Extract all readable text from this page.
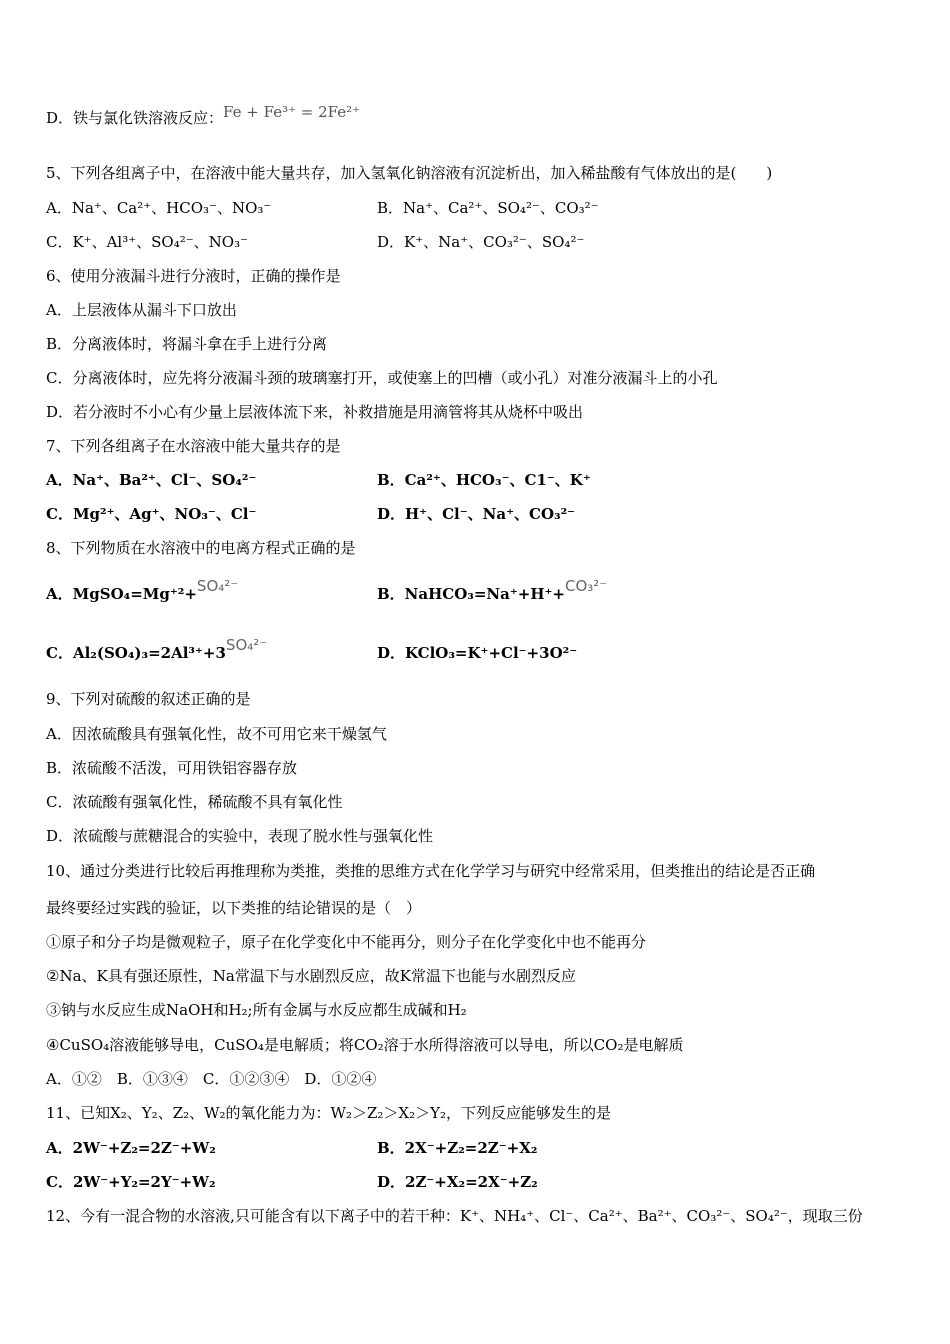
D．铁与氯化铁溶液反应：Fe + Fe³⁺ = 2Fe²⁺
5、下列各组离子中，在溶液中能大量共存，加入氢氧化钠溶液有沉淀析出，加入稀盐酸有气体放出的是(　　)
A．Na⁺、Ca²⁺、HCO₃⁻、NO₃⁻	B．Na⁺、Ca²⁺、SO₄²⁻、CO₃²⁻
C．K⁺、Al³⁺、SO₄²⁻、NO₃⁻	D．K⁺、Na⁺、CO₃²⁻、SO₄²⁻
6、使用分液漏斗进行分液时，正确的操作是
A．上层液体从漏斗下口放出
B．分离液体时，将漏斗拿在手上进行分离
C．分离液体时，应先将分液漏斗颈的玻璃塞打开，或使塞上的凹槽（或小孔）对准分液漏斗上的小孔
D．若分液时不小心有少量上层液体流下来，补救措施是用滴管将其从烧杯中吸出
7、下列各组离子在水溶液中能大量共存的是
A．Na⁺、Ba²⁺、Cl⁻、SO₄²⁻	B．Ca²⁺、HCO₃⁻、C1⁻、K⁺
C．Mg²⁺、Ag⁺、NO₃⁻、Cl⁻	D．H⁺、Cl⁻、Na⁺、CO₃²⁻
8、下列物质在水溶液中的电离方程式正确的是
A．MgSO₄=Mg⁺²+SO₄²⁻	B．NaHCO₃=Na⁺+H⁺+CO₃²⁻
C．Al₂(SO₄)₃=2Al³⁺+3SO₄²⁻	D．KClO₃=K⁺+Cl⁻+3O²⁻
9、下列对硫酸的叙述正确的是
A．因浓硫酸具有强氧化性，故不可用它来干燥氢气
B．浓硫酸不活泼，可用铁铝容器存放
C．浓硫酸有强氧化性，稀硫酸不具有氧化性
D．浓硫酸与蔗糖混合的实验中，表现了脱水性与强氧化性
10、通过分类进行比较后再推理称为类推，类推的思维方式在化学学习与研究中经常采用，但类推出的结论是否正确
最终要经过实践的验证，以下类推的结论错误的是（　）
①原子和分子均是微观粒子，原子在化学变化中不能再分，则分子在化学变化中也不能再分
②Na、K具有强还原性，Na常温下与水剧烈反应，故K常温下也能与水剧烈反应
③钠与水反应生成NaOH和H₂;所有金属与水反应都生成碱和H₂
④CuSO₄溶液能够导电，CuSO₄是电解质；将CO₂溶于水所得溶液可以导电，所以CO₂是电解质
A．①②　B．①③④　C．①②③④　D．①②④
11、已知X₂、Y₂、Z₂、W₂的氧化能力为：W₂＞Z₂＞X₂＞Y₂，下列反应能够发生的是
A．2W⁻+Z₂=2Z⁻+W₂	B．2X⁻+Z₂=2Z⁻+X₂
C．2W⁻+Y₂=2Y⁻+W₂	D．2Z⁻+X₂=2X⁻+Z₂
12、今有一混合物的水溶液,只可能含有以下离子中的若干种：K⁺、NH₄⁺、Cl⁻、Ca²⁺、Ba²⁺、CO₃²⁻、SO₄²⁻，现取三份
